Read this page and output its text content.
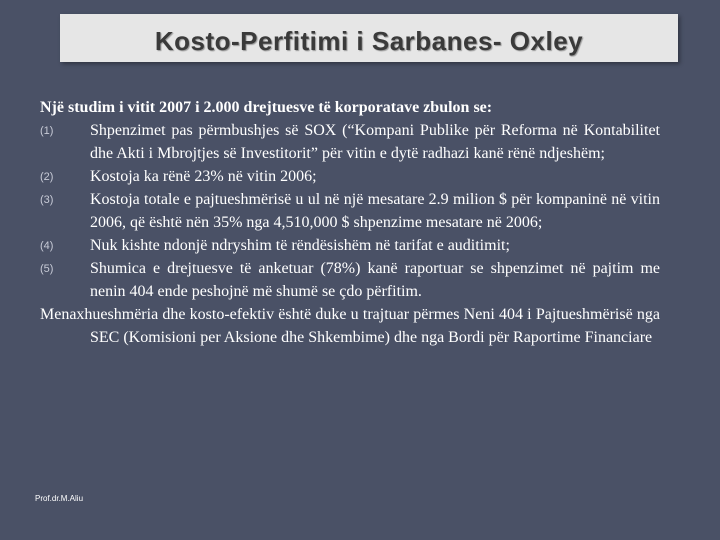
Kosto-Perfitimi i Sarbanes- Oxley

Një studim i vitit 2007 i 2.000 drejtuesve të korporatave zbulon se:

(1) Shpenzimet pas përmbushjes së SOX (“Kompani Publike për Reforma në Kontabilitet dhe Akti i Mbrojtjes së Investitorit” për vitin e dytë radhazi kanë rënë ndjeshëm;
(2) Kostoja ka rënë 23% në vitin 2006;
(3) Kostoja totale e pajtueshmërisë u ul në një mesatare 2.9 milion $ për kompaninë në vitin 2006, që është nën 35% nga 4,510,000 $ shpenzime mesatare në 2006;
(4) Nuk kishte ndonjë ndryshim të rëndësishëm në tarifat e auditimit;
(5) Shumica e drejtuesve të anketuar (78%) kanë raportuar se shpenzimet në pajtim me nenin 404 ende peshojnë më shumë se çdo përfitim.

Menaxhueshmëria dhe kosto-efektiv është duke u trajtuar përmes Neni 404 i Pajtueshmërisë nga SEC (Komisioni per Aksione dhe Shkembime) dhe nga Bordi për Raportime Financiare

Prof.dr.M.Aliu
